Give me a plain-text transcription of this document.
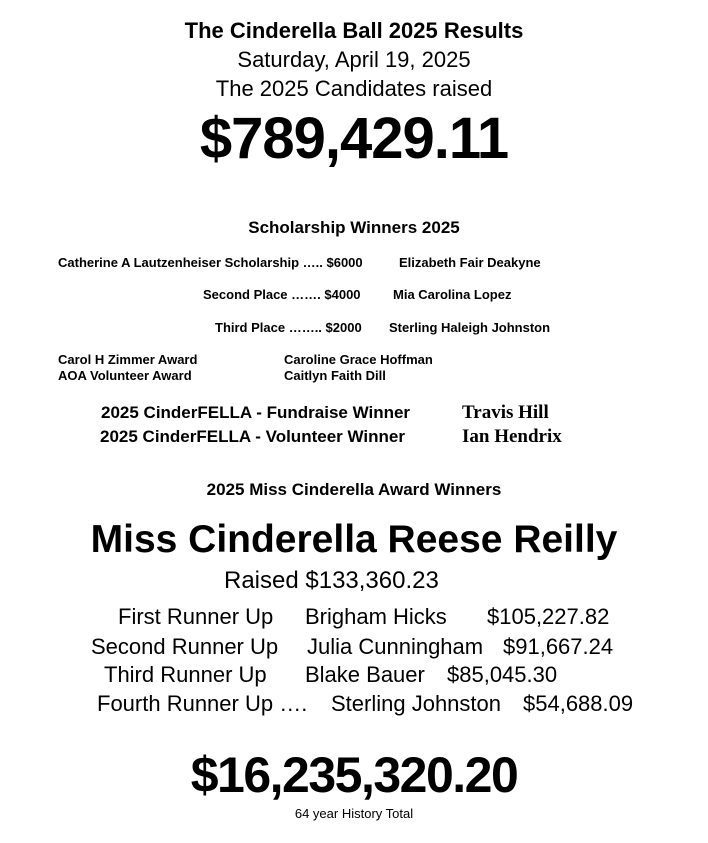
The Cinderella Ball 2025 Results
Saturday, April 19, 2025
The 2025 Candidates raised
$789,429.11
Scholarship Winners 2025
Catherine A Lautzenheiser Scholarship ….. $6000	Elizabeth Fair Deakyne
Second Place ……. $4000 Mia Carolina Lopez
Third Place …….. $2000 Sterling Haleigh Johnston
Carol H Zimmer Award	Caroline Grace Hoffman
AOA Volunteer Award	Caitlyn Faith Dill
2025 CinderFELLA - Fundraise Winner	Travis Hill
2025 CinderFELLA - Volunteer Winner	Ian Hendrix
2025 Miss Cinderella Award Winners
Miss Cinderella Reese Reilly
Raised $133,360.23
First Runner Up Brigham Hicks $105,227.82
Second Runner Up Julia Cunningham $91,667.24
Third Runner Up Blake Bauer $85,045.30
Fourth Runner Up …. Sterling Johnston $54,688.09
$16,235,320.20
64 year History Total
